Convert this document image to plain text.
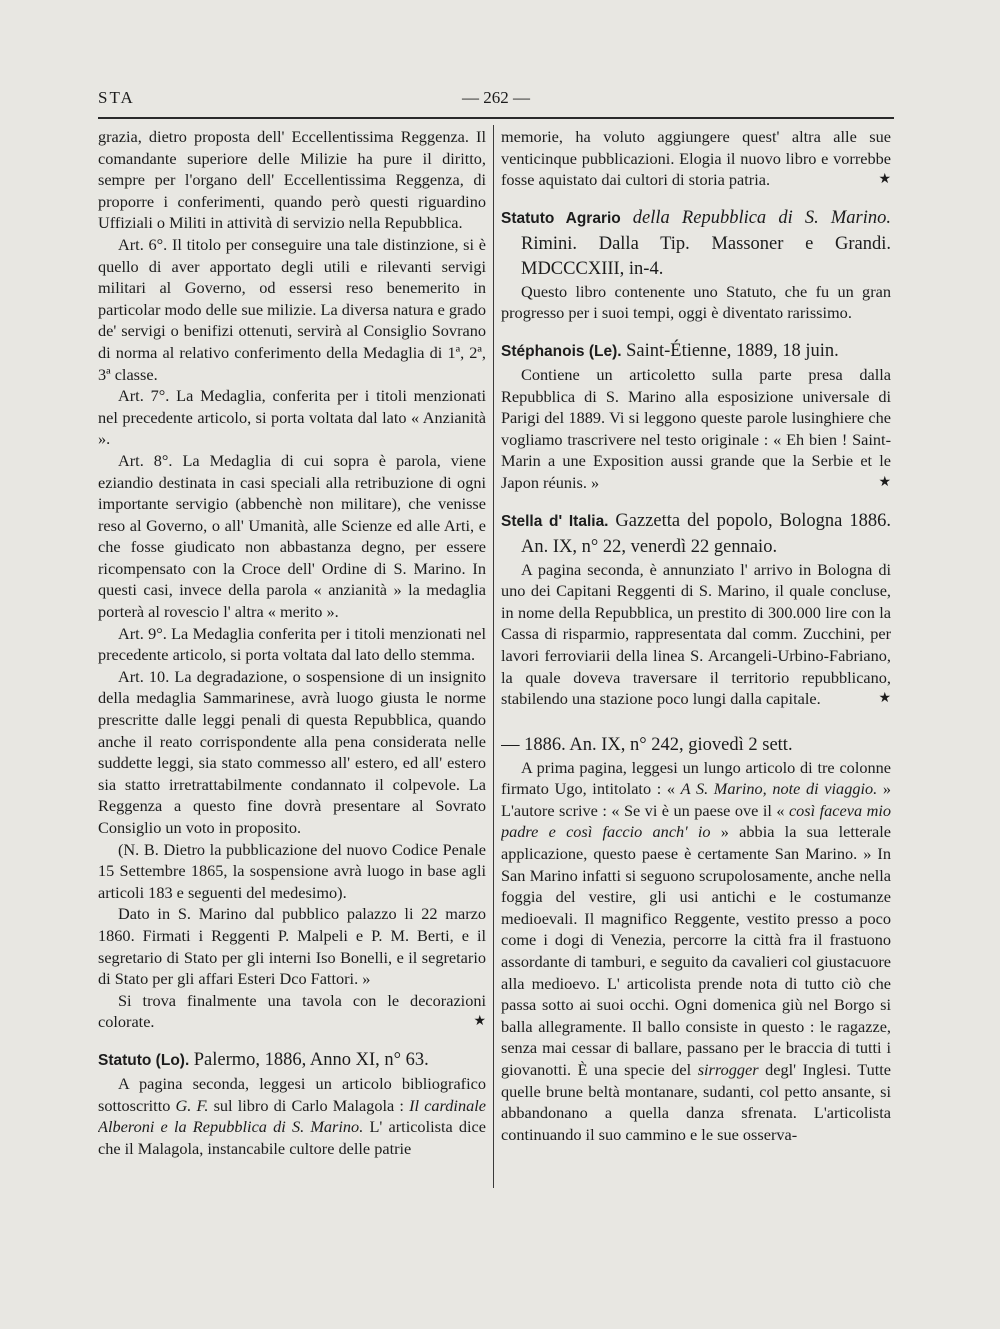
STA	— 262 —

grazia, dietro proposta dell' Eccellentissima Reggenza. Il comandante superiore delle Milizie ha pure il diritto, sempre per l'organo dell' Eccellentissima Reggenza, di proporre i conferimenti, quando però questi riguardino Uffiziali o Militi in attività di servizio nella Repubblica.

Art. 6°. Il titolo per conseguire una tale distinzione, si è quello di aver apportato degli utili e rilevanti servigi militari al Governo, od essersi reso benemerito in particolar modo delle sue milizie. La diversa natura e grado de' servigi o benifizi ottenuti, servirà al Consiglio Sovrano di norma al relativo conferimento della Medaglia di 1ª, 2ª, 3ª classe.

Art. 7°. La Medaglia, conferita per i titoli menzionati nel precedente articolo, si porta voltata dal lato « Anzianità ».

Art. 8°. La Medaglia di cui sopra è parola, viene eziandio destinata in casi speciali alla retribuzione di ogni importante servigio (abbenchè non militare), che venisse reso al Governo, o all' Umanità, alle Scienze ed alle Arti, e che fosse giudicato non abbastanza degno, per essere ricompensato con la Croce dell' Ordine di S. Marino. In questi casi, invece della parola « anzianità » la medaglia porterà al rovescio l' altra « merito ».

Art. 9°. La Medaglia conferita per i titoli menzionati nel precedente articolo, si porta voltata dal lato dello stemma.

Art. 10. La degradazione, o sospensione di un insignito della medaglia Sammarinese, avrà luogo giusta le norme prescritte dalle leggi penali di questa Repubblica, quando anche il reato corrispondente alla pena considerata nelle suddette leggi, sia stato commesso all' estero, ed all' estero sia statto irretrattabilmente condannato il colpevole. La Reggenza a questo fine dovrà presentare al Sovrato Consiglio un voto in proposito.

(N. B. Dietro la pubblicazione del nuovo Codice Penale 15 Settembre 1865, la sospensione avrà luogo in base agli articoli 183 e seguenti del medesimo).

Dato in S. Marino dal pubblico palazzo li 22 marzo 1860. Firmati i Reggenti P. Malpeli e P. M. Berti, e il segretario di Stato per gli interni Iso Bonelli, e il segretario di Stato per gli affari Esteri Dco Fattori. »

Si trova finalmente una tavola con le decorazioni colorate.	★

Statuto (Lo). Palermo, 1886, Anno XI, n° 63.

A pagina seconda, leggesi un articolo bibliografico sottoscritto G. F. sul libro di Carlo Malagola : Il cardinale Alberoni e la Repubblica di S. Marino. L' articolista dice che il Malagola, instancabile cultore delle patrie

memorie, ha voluto aggiungere quest' altra alle sue venticinque pubblicazioni. Elogia il nuovo libro e vorrebbe fosse aquistato dai cultori di storia patria.	★

Statuto Agrario della Repubblica di S. Marino. Rimini. Dalla Tip. Massoner e Grandi. MDCCCXIII, in-4.

Questo libro contenente uno Statuto, che fu un gran progresso per i suoi tempi, oggi è diventato rarissimo.

Stéphanois (Le). Saint-Étienne, 1889, 18 juin.

Contiene un articoletto sulla parte presa dalla Repubblica di S. Marino alla esposizione universale di Parigi del 1889. Vi si leggono queste parole lusinghiere che vogliamo trascrivere nel testo originale : « Eh bien ! Saint-Marin a une Exposition aussi grande que la Serbie et le Japon réunis. »	★

Stella d' Italia. Gazzetta del popolo, Bologna 1886. An. IX, n° 22, venerdì 22 gennaio.

A pagina seconda, è annunziato l' arrivo in Bologna di uno dei Capitani Reggenti di S. Marino, il quale concluse, in nome della Repubblica, un prestito di 300.000 lire con la Cassa di risparmio, rappresentata dal comm. Zucchini, per lavori ferroviarii della linea S. Arcangeli-Urbino-Fabriano, la quale doveva traversare il territorio repubblicano, stabilendo una stazione poco lungi dalla capitale.	★

— 1886. An. IX, n° 242, giovedì 2 sett.

A prima pagina, leggesi un lungo articolo di tre colonne firmato Ugo, intitolato : « A S. Marino, note di viaggio. » L'autore scrive : « Se vi è un paese ove il « così faceva mio padre e così faccio anch' io » abbia la sua letterale applicazione, questo paese è certamente San Marino. » In San Marino infatti si seguono scrupolosamente, anche nella foggia del vestire, gli usi antichi e le costumanze medioevali. Il magnifico Reggente, vestito presso a poco come i dogi di Venezia, percorre la città fra il frastuono assordante di tamburi, e seguito da cavalieri col giustacuore alla medioevo. L' articolista prende nota di tutto ciò che passa sotto ai suoi occhi. Ogni domenica giù nel Borgo si balla allegramente. Il ballo consiste in questo : le ragazze, senza mai cessar di ballare, passano per le braccia di tutti i giovanotti. È una specie del sirrogger degl' Inglesi. Tutte quelle brune beltà montanare, sudanti, col petto ansante, si abbandonano a quella danza sfrenata. L'articolista continuando il suo cammino e le sue osserva-
